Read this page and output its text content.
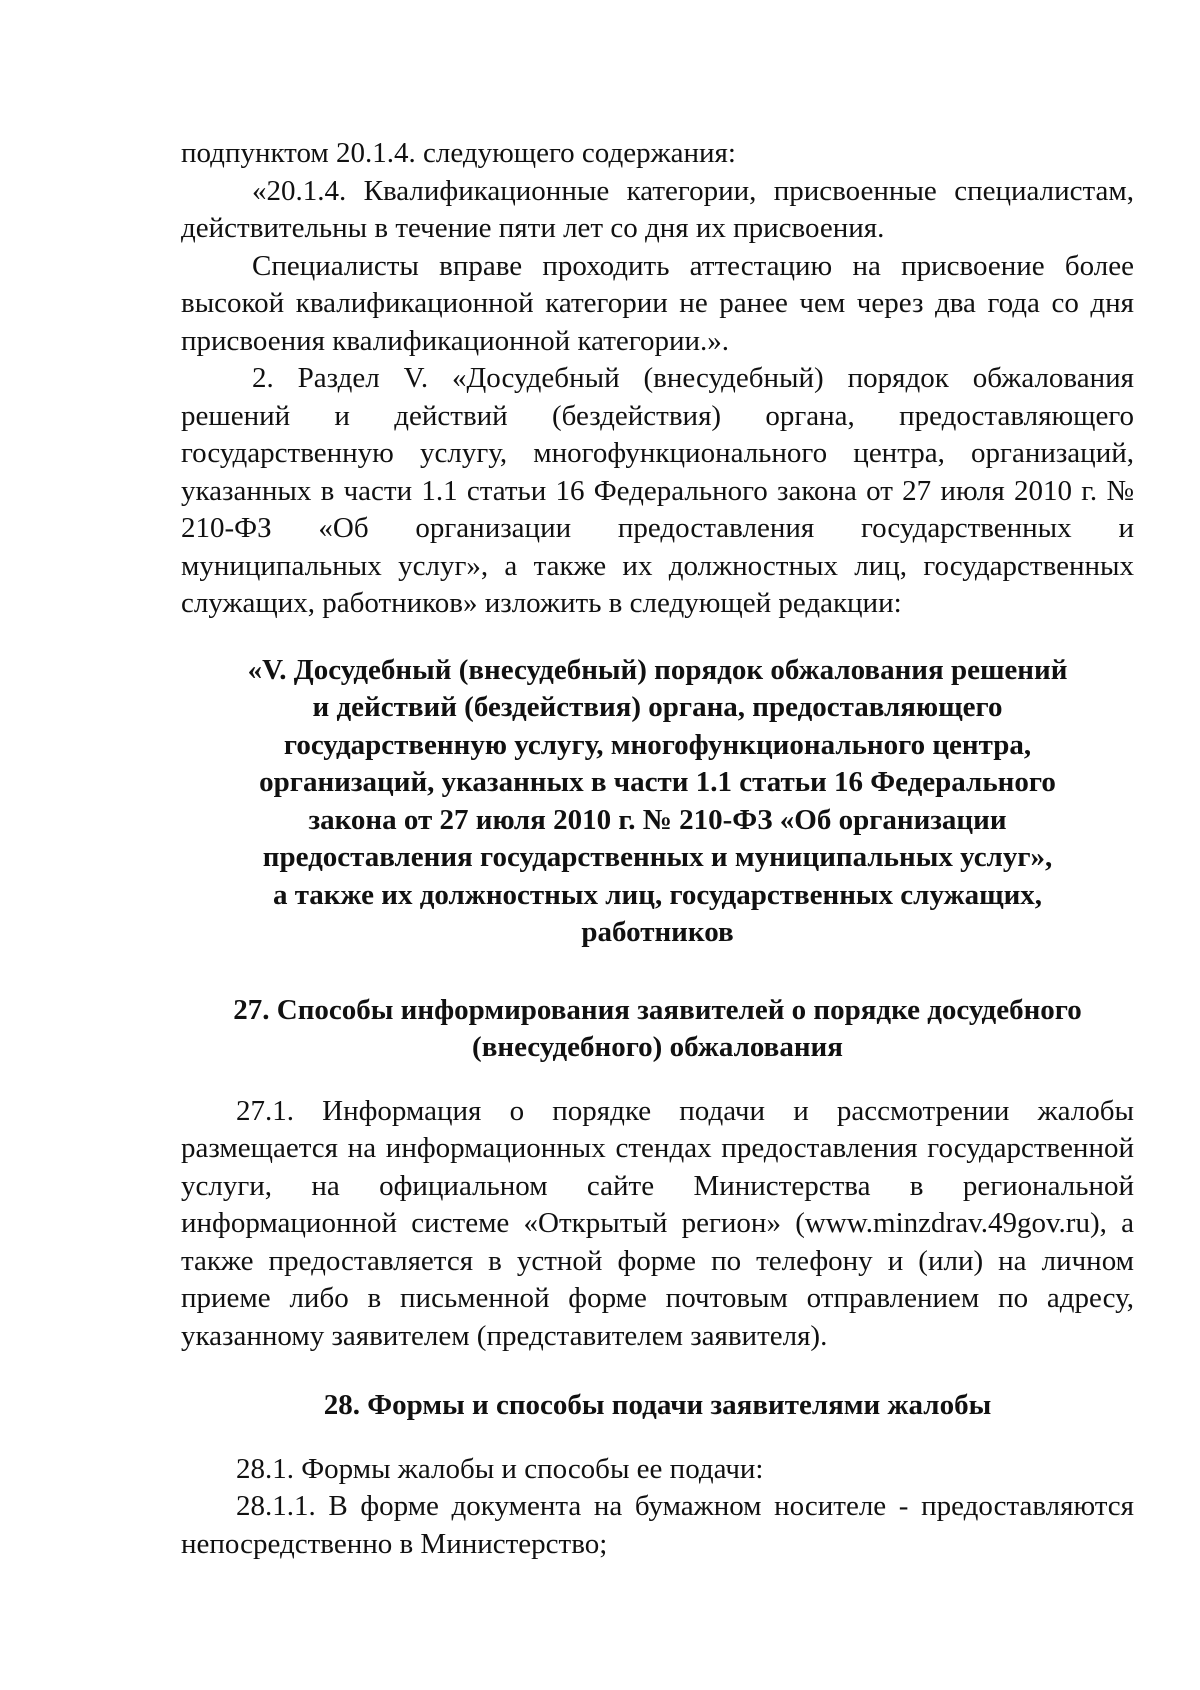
подпунктом 20.1.4. следующего содержания:

«20.1.4. Квалификационные категории, присвоенные специалистам, действительны в течение пяти лет со дня их присвоения.

Специалисты вправе проходить аттестацию на присвоение более высокой квалификационной категории не ранее чем через два года со дня присвоения квалификационной категории.».

2. Раздел V. «Досудебный (внесудебный) порядок обжалования решений и действий (бездействия) органа, предоставляющего государственную услугу, многофункционального центра, организаций, указанных в части 1.1 статьи 16 Федерального закона от 27 июля 2010 г. № 210-ФЗ «Об организации предоставления государственных и муниципальных услуг», а также их должностных лиц, государственных служащих, работников» изложить в следующей редакции:

«V. Досудебный (внесудебный) порядок обжалования решений
и действий (бездействия) органа, предоставляющего
государственную услугу, многофункционального центра,
организаций, указанных в части 1.1 статьи 16 Федерального
закона от 27 июля 2010 г. № 210-ФЗ «Об организации
предоставления государственных и муниципальных услуг»,
а также их должностных лиц, государственных служащих,
работников
27. Способы информирования заявителей о порядке досудебного
(внесудебного) обжалования

27.1. Информация о порядке подачи и рассмотрении жалобы размещается на информационных стендах предоставления государственной услуги, на официальном сайте Министерства в региональной информационной системе «Открытый регион» (www.minzdrav.49gov.ru), а также предоставляется в устной форме по телефону и (или) на личном приеме либо в письменной форме почтовым отправлением по адресу, указанному заявителем (представителем заявителя).

28. Формы и способы подачи заявителями жалобы

28.1. Формы жалобы и способы ее подачи:

28.1.1. В форме документа на бумажном носителе - предоставляются непосредственно в Министерство;
